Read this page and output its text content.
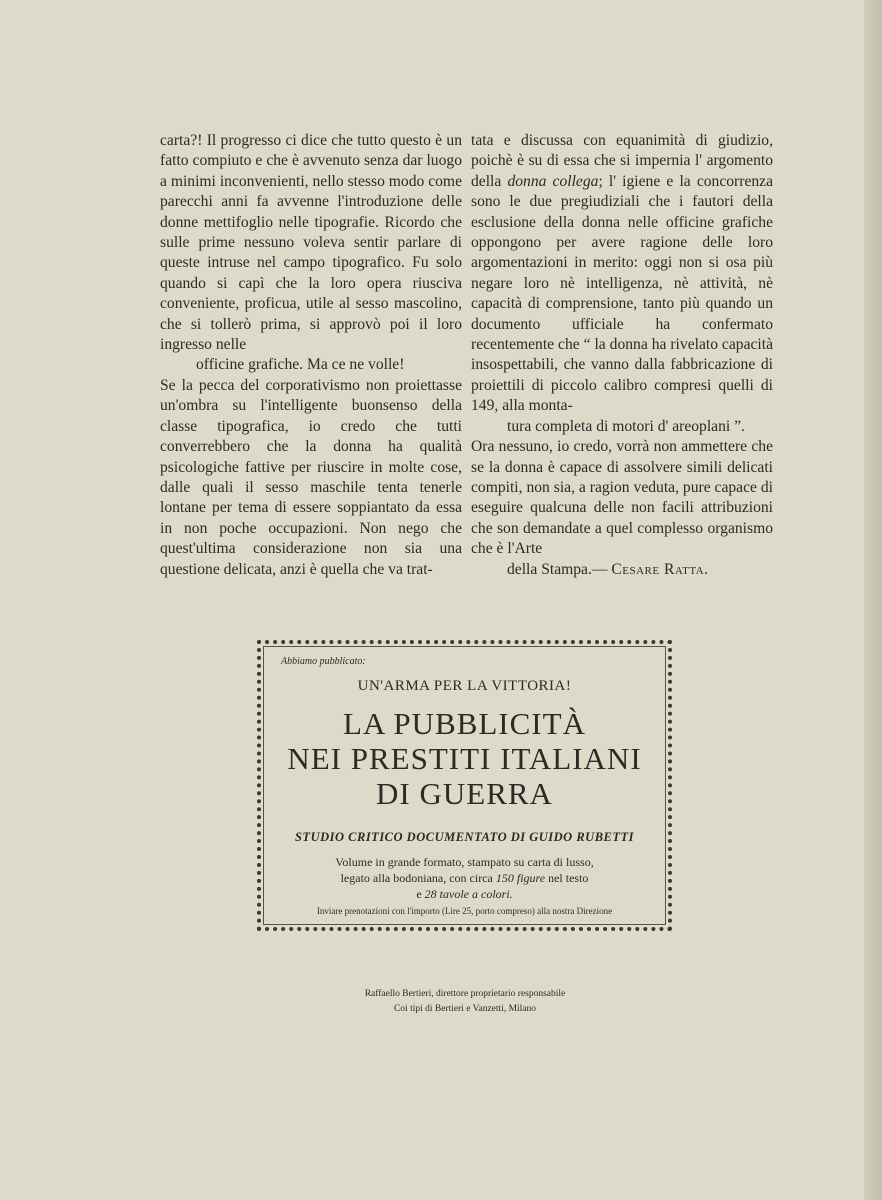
carta?! Il progresso ci dice che tutto questo è un fatto compiuto e che è avvenuto senza dar luogo a minimi inconvenienti, nello stesso modo come parecchi anni fa avvenne l'introduzione delle donne mettifoglio nelle tipografie. Ricordo che sulle prime nessuno voleva sentir parlare di queste intruse nel campo tipografico. Fu solo quando si capì che la loro opera riusciva conveniente, proficua, utile al sesso mascolino, che si tollerò prima, si approvò poi il loro ingresso nelle

officine grafiche. Ma ce ne volle!

Se la pecca del corporativismo non proiettasse un'ombra su l'intelligente buonsenso della classe tipografica, io credo che tutti converrebbero che la donna ha qualità psicologiche fattive per riuscire in molte cose, dalle quali il sesso maschile tenta tenerle lontane per tema di essere soppiantato da essa in non poche occupazioni. Non nego che quest'ultima considerazione non sia una questione delicata, anzi è quella che va trat-

tata e discussa con equanimità di giudizio, poichè è su di essa che si impernia l' argomento della donna collega; l' igiene e la concorrenza sono le due pregiudiziali che i fautori della esclusione della donna nelle officine grafiche oppongono per avere ragione delle loro argomentazioni in merito: oggi non si osa più negare loro nè intelligenza, nè attività, nè capacità di comprensione, tanto più quando un documento ufficiale ha confermato recentemente che “ la donna ha rivelato capacità insospettabili, che vanno dalla fabbricazione di proiettili di piccolo calibro compresi quelli di 149, alla monta-

tura completa di motori d' areoplani ”.

Ora nessuno, io credo, vorrà non ammettere che se la donna è capace di assolvere simili delicati compiti, non sia, a ragion veduta, pure capace di eseguire qualcuna delle non facili attribuzioni che son demandate a quel complesso organismo che è l'Arte

della Stampa.— Cesare Ratta.

Abbiamo pubblicato:
UN'ARMA PER LA VITTORIA!
LA PUBBLICITÀ
NEI PRESTITI ITALIANI
DI GUERRA
STUDIO CRITICO DOCUMENTATO DI GUIDO RUBETTI
Volume in grande formato, stampato su carta di lusso,
legato alla bodoniana, con circa 150 figure nel testo
e 28 tavole a colori.
Inviare prenotazioni con l'importo (Lire 25, porto compreso) alla nostra Direzione
Raffaello Bertieri, direttore proprietario responsabile
Coi tipi di Bertieri e Vanzetti, Milano
